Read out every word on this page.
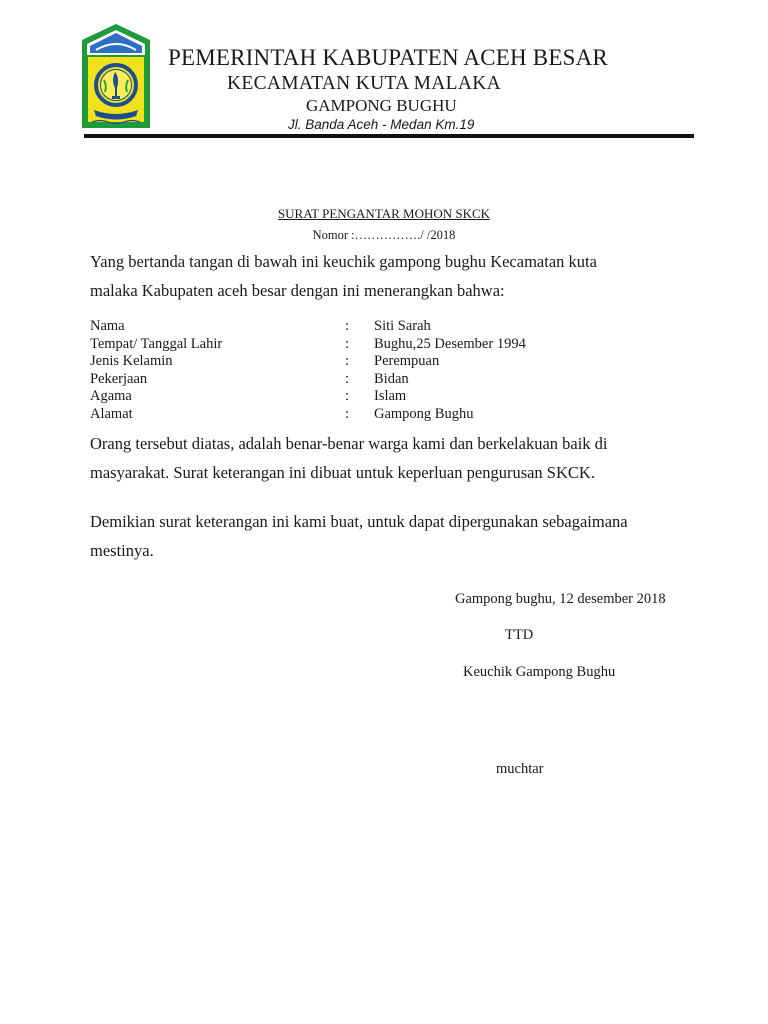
PEMERINTAH KABUPATEN ACEH BESAR
KECAMATAN KUTA MALAKA
GAMPONG BUGHU
Jl. Banda Aceh - Medan Km.19
SURAT PENGANTAR MOHON SKCK
Nomor :……………./ /2018
Yang bertanda tangan di bawah ini keuchik gampong bughu Kecamatan kuta
malaka Kabupaten aceh besar dengan ini menerangkan bahwa:
Nama	: Siti Sarah
Tempat/ Tanggal Lahir	: Bughu,25 Desember 1994
Jenis Kelamin	: Perempuan
Pekerjaan	: Bidan
Agama	: Islam
Alamat	: Gampong Bughu
Orang tersebut diatas, adalah benar-benar warga kami dan berkelakuan baik di
masyarakat. Surat keterangan ini dibuat untuk keperluan pengurusan SKCK.
Demikian surat keterangan ini kami buat, untuk dapat dipergunakan sebagaimana
mestinya.
Gampong bughu, 12 desember 2018
TTD
Keuchik Gampong Bughu
muchtar
